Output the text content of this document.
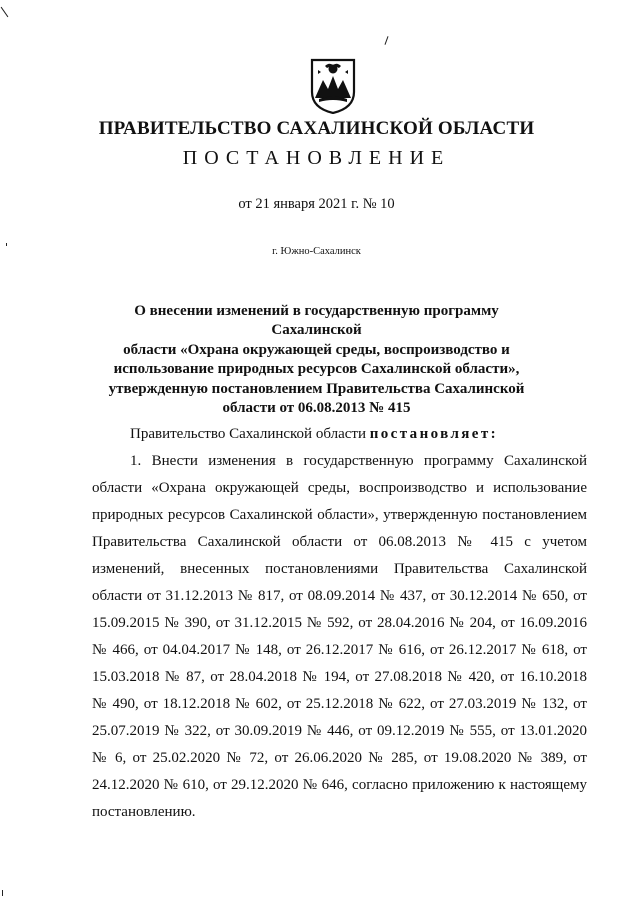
ПРАВИТЕЛЬСТВО САХАЛИНСКОЙ ОБЛАСТИ
ПОСТАНОВЛЕНИЕ
от 21 января 2021 г. № 10
г. Южно-Сахалинск
О внесении изменений в государственную программу Сахалинской
области «Охрана окружающей среды, воспроизводство и
использование природных ресурсов Сахалинской области»,
утвержденную постановлением Правительства Сахалинской
области от 06.08.2013 № 415
Правительство Сахалинской области постановляет:
1. Внести изменения в государственную программу Сахалинской
области «Охрана окружающей среды, воспроизводство и использование
природных ресурсов Сахалинской области», утвержденную постановлением
Правительства Сахалинской области от 06.08.2013 № 415 с учетом
изменений, внесенных постановлениями Правительства Сахалинской
области от 31.12.2013 № 817, от 08.09.2014 № 437, от 30.12.2014 № 650, от
15.09.2015 № 390, от 31.12.2015 № 592, от 28.04.2016 № 204, от 16.09.2016
№ 466, от 04.04.2017 № 148, от 26.12.2017 № 616, от 26.12.2017 № 618, от
15.03.2018 № 87, от 28.04.2018 № 194, от 27.08.2018 № 420, от 16.10.2018
№ 490, от 18.12.2018 № 602, от 25.12.2018 № 622, от 27.03.2019 № 132, от
25.07.2019 № 322, от 30.09.2019 № 446, от 09.12.2019 № 555, от 13.01.2020
№ 6, от 25.02.2020 № 72, от 26.06.2020 № 285, от 19.08.2020 № 389, от
24.12.2020 № 610, от 29.12.2020 № 646, согласно приложению к настоящему
постановлению.
